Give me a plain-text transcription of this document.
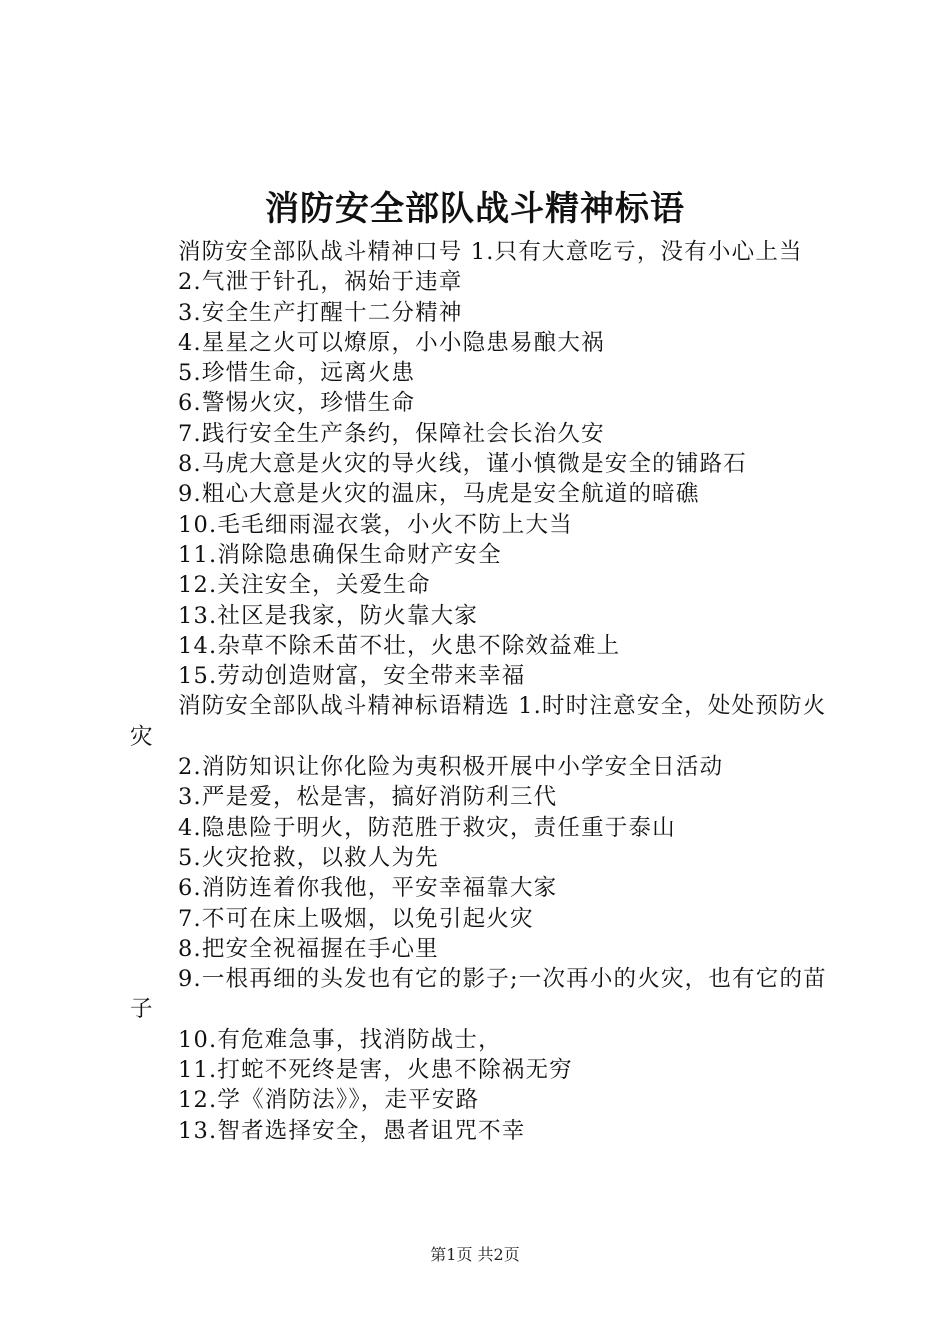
消防安全部队战斗精神标语

消防安全部队战斗精神口号 1.只有大意吃亏，没有小心上当

2.气泄于针孔，祸始于违章

3.安全生产打醒十二分精神

4.星星之火可以燎原，小小隐患易酿大祸

5.珍惜生命，远离火患

6.警惕火灾，珍惜生命

7.践行安全生产条约，保障社会长治久安

8.马虎大意是火灾的导火线，谨小慎微是安全的铺路石

9.粗心大意是火灾的温床，马虎是安全航道的暗礁

10.毛毛细雨湿衣裳，小火不防上大当

11.消除隐患确保生命财产安全

12.关注安全，关爱生命

13.社区是我家，防火靠大家

14.杂草不除禾苗不壮，火患不除效益难上

15.劳动创造财富，安全带来幸福

消防安全部队战斗精神标语精选 1.时时注意安全，处处预防火灾

2.消防知识让你化险为夷积极开展中小学安全日活动

3.严是爱，松是害，搞好消防利三代

4.隐患险于明火，防范胜于救灾，责任重于泰山

5.火灾抢救，以救人为先

6.消防连着你我他，平安幸福靠大家

7.不可在床上吸烟，以免引起火灾

8.把安全祝福握在手心里

9.一根再细的头发也有它的影子;一次再小的火灾，也有它的苗子

10.有危难急事，找消防战士，

11.打蛇不死终是害，火患不除祸无穷

12.学《消防法》》，走平安路

13.智者选择安全，愚者诅咒不幸

第1页 共2页
